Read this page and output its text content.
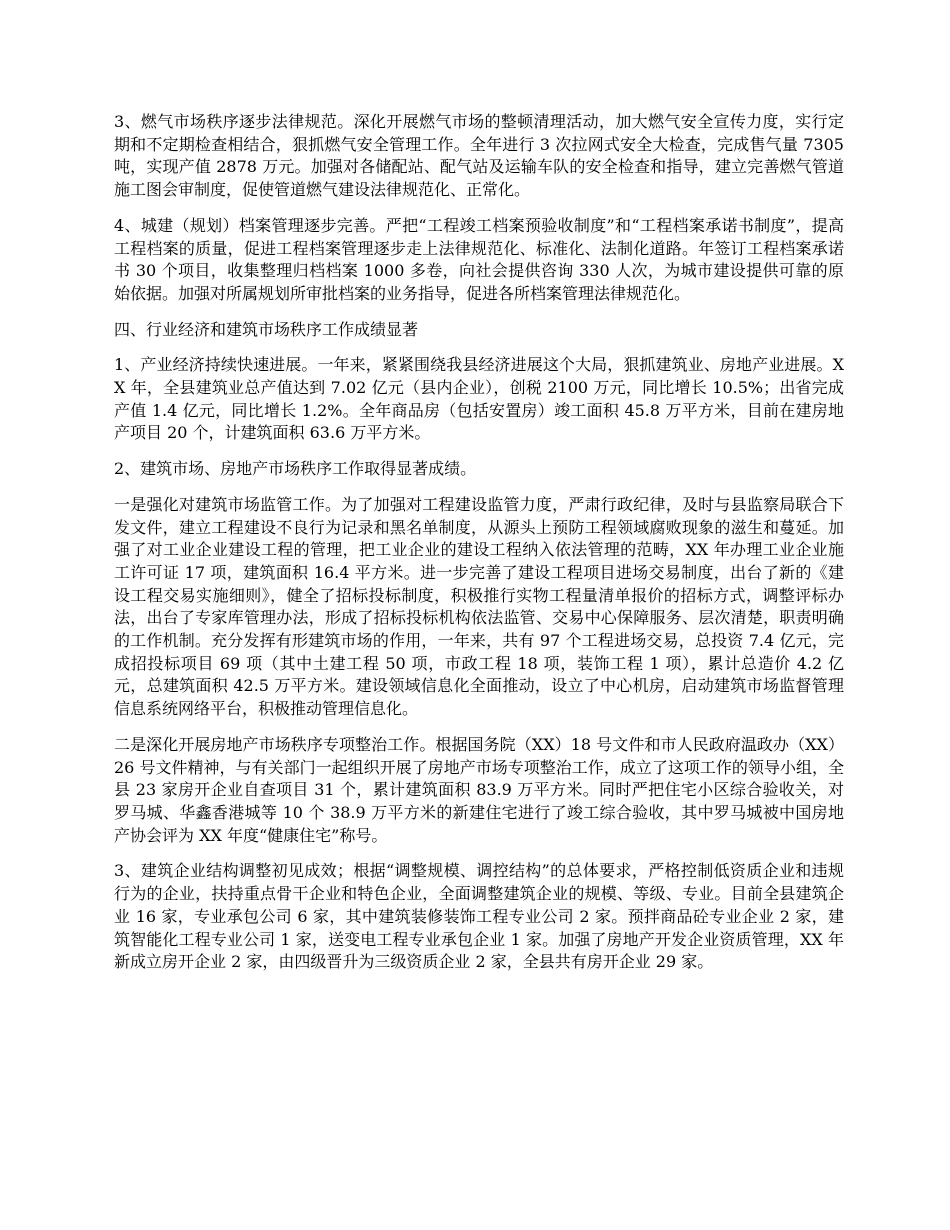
3、燃气市场秩序逐步法律规范。深化开展燃气市场的整顿清理活动，加大燃气安全宣传力度，实行定期和不定期检查相结合，狠抓燃气安全管理工作。全年进行 3 次拉网式安全大检查，完成售气量 7305 吨，实现产值 2878 万元。加强对各储配站、配气站及运输车队的安全检查和指导，建立完善燃气管道施工图会审制度，促使管道燃气建设法律规范化、正常化。

4、城建（规划）档案管理逐步完善。严把“工程竣工档案预验收制度”和“工程档案承诺书制度”，提高工程档案的质量，促进工程档案管理逐步走上法律规范化、标准化、法制化道路。年签订工程档案承诺书 30 个项目，收集整理归档档案 1000 多卷，向社会提供咨询 330 人次，为城市建设提供可靠的原始依据。加强对所属规划所审批档案的业务指导，促进各所档案管理法律规范化。

四、行业经济和建筑市场秩序工作成绩显著

1、产业经济持续快速进展。一年来，紧紧围绕我县经济进展这个大局，狠抓建筑业、房地产业进展。XX 年，全县建筑业总产值达到 7.02 亿元（县内企业），创税 2100 万元，同比增长 10.5%；出省完成产值 1.4 亿元，同比增长 1.2%。全年商品房（包括安置房）竣工面积 45.8 万平方米，目前在建房地产项目 20 个，计建筑面积 63.6 万平方米。

2、建筑市场、房地产市场秩序工作取得显著成绩。

一是强化对建筑市场监管工作。为了加强对工程建设监管力度，严肃行政纪律，及时与县监察局联合下发文件，建立工程建设不良行为记录和黑名单制度，从源头上预防工程领域腐败现象的滋生和蔓延。加强了对工业企业建设工程的管理，把工业企业的建设工程纳入依法管理的范畴，XX 年办理工业企业施工许可证 17 项，建筑面积 16.4 平方米。进一步完善了建设工程项目进场交易制度，出台了新的《建设工程交易实施细则》，健全了招标投标制度，积极推行实物工程量清单报价的招标方式，调整评标办法，出台了专家库管理办法，形成了招标投标机构依法监管、交易中心保障服务、层次清楚，职责明确的工作机制。充分发挥有形建筑市场的作用，一年来，共有 97 个工程进场交易，总投资 7.4 亿元，完成招投标项目 69 项（其中土建工程 50 项，市政工程 18 项，装饰工程 1 项），累计总造价 4.2 亿元，总建筑面积 42.5 万平方米。建设领域信息化全面推动，设立了中心机房，启动建筑市场监督管理信息系统网络平台，积极推动管理信息化。

二是深化开展房地产市场秩序专项整治工作。根据国务院（XX）18 号文件和市人民政府温政办（XX）26 号文件精神，与有关部门一起组织开展了房地产市场专项整治工作，成立了这项工作的领导小组，全县 23 家房开企业自查项目 31 个，累计建筑面积 83.9 万平方米。同时严把住宅小区综合验收关，对罗马城、华鑫香港城等 10 个 38.9 万平方米的新建住宅进行了竣工综合验收，其中罗马城被中国房地产协会评为 XX 年度“健康住宅”称号。

3、建筑企业结构调整初见成效；根据“调整规模、调控结构”的总体要求，严格控制低资质企业和违规行为的企业，扶持重点骨干企业和特色企业，全面调整建筑企业的规模、等级、专业。目前全县建筑企业 16 家，专业承包公司 6 家，其中建筑装修装饰工程专业公司 2 家。预拌商品砼专业企业 2 家，建筑智能化工程专业公司 1 家，送变电工程专业承包企业 1 家。加强了房地产开发企业资质管理，XX 年新成立房开企业 2 家，由四级晋升为三级资质企业 2 家，全县共有房开企业 29 家。
